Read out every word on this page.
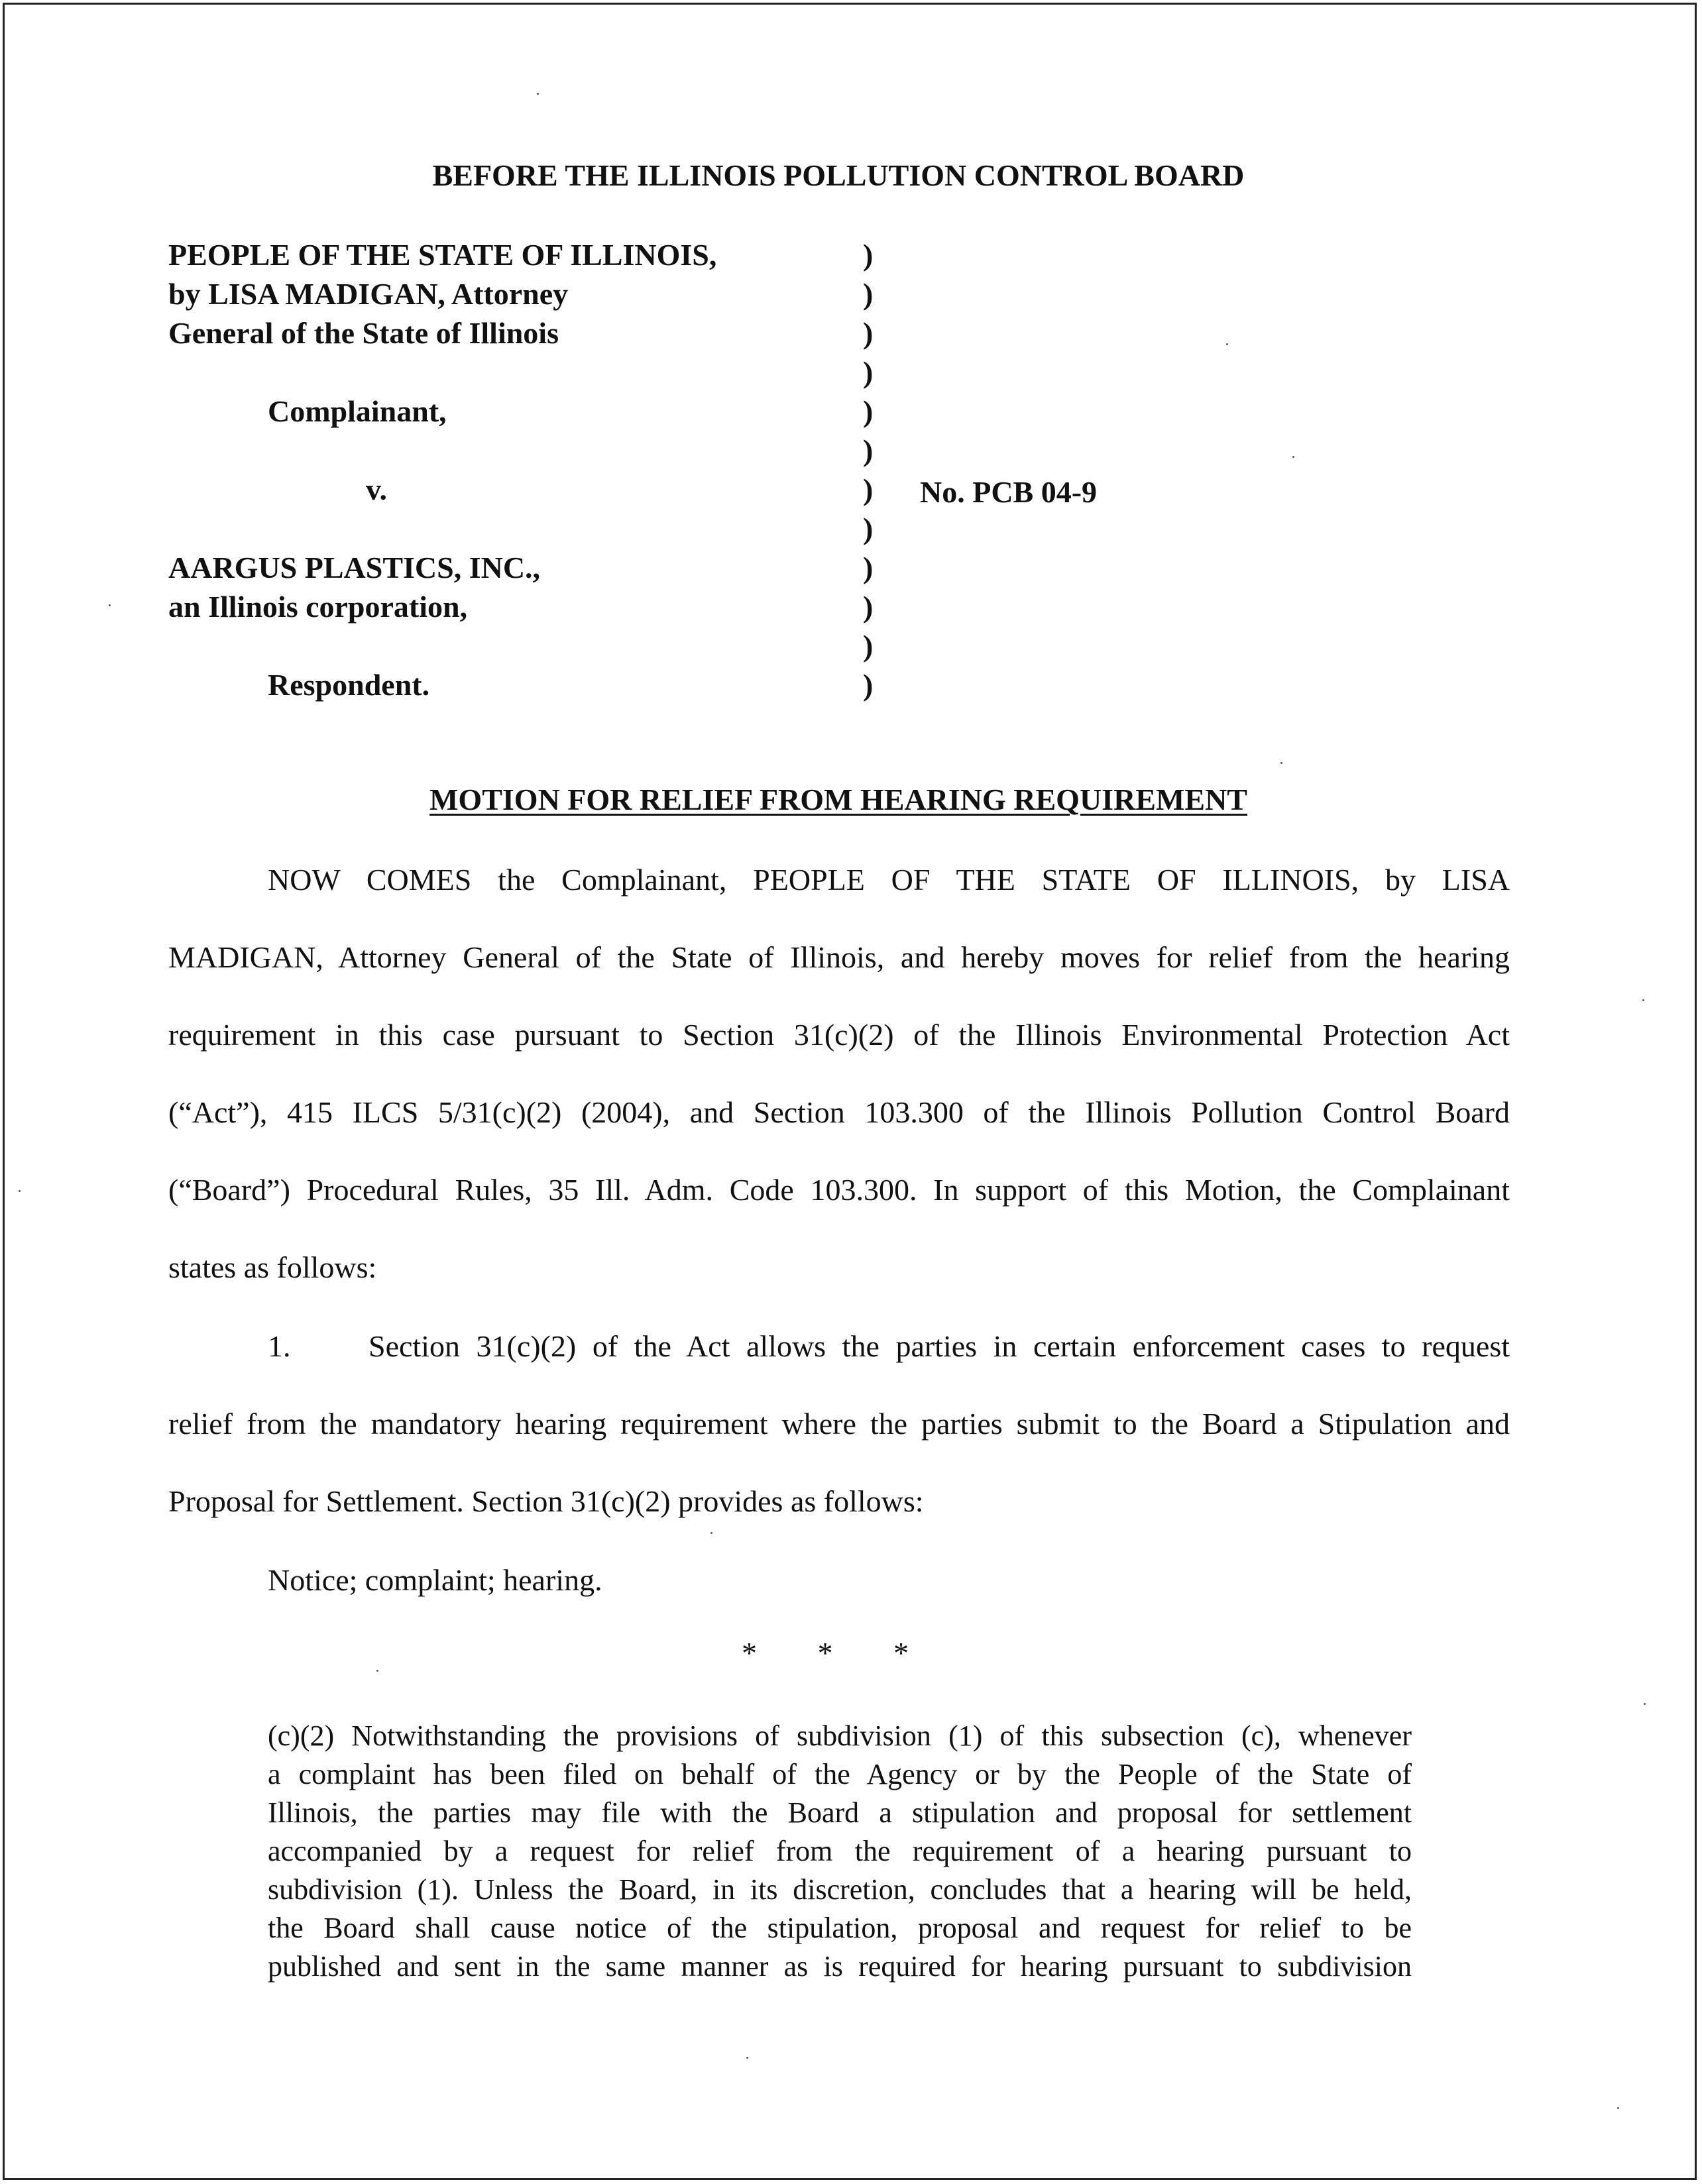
BEFORE THE ILLINOIS POLLUTION CONTROL BOARD
PEOPLE OF THE STATE OF ILLINOIS,
by LISA MADIGAN, Attorney
General of the State of Illinois
Complainant,
v.
AARGUS PLASTICS, INC.,
an Illinois corporation,
Respondent.
)
)
)
)
)
)
)
)
)
)
)
)
No. PCB 04-9
MOTION FOR RELIEF FROM HEARING REQUIREMENT
NOW COMES the Complainant, PEOPLE OF THE STATE OF ILLINOIS, by LISA
MADIGAN, Attorney General of the State of Illinois, and hereby moves for relief from the hearing
requirement in this case pursuant to Section 31(c)(2) of the Illinois Environmental Protection Act
(“Act”), 415 ILCS 5/31(c)(2) (2004), and Section 103.300 of the Illinois Pollution Control Board
(“Board”) Procedural Rules, 35 Ill. Adm. Code 103.300. In support of this Motion, the Complainant
states as follows:
1.	Section 31(c)(2) of the Act allows the parties in certain enforcement cases to request
relief from the mandatory hearing requirement where the parties submit to the Board a Stipulation and
Proposal for Settlement. Section 31(c)(2) provides as follows:
Notice; complaint; hearing.
* * *
(c)(2) Notwithstanding the provisions of subdivision (1) of this subsection (c), whenever
a complaint has been filed on behalf of the Agency or by the People of the State of
Illinois, the parties may file with the Board a stipulation and proposal for settlement
accompanied by a request for relief from the requirement of a hearing pursuant to
subdivision (1). Unless the Board, in its discretion, concludes that a hearing will be held,
the Board shall cause notice of the stipulation, proposal and request for relief to be
published and sent in the same manner as is required for hearing pursuant to subdivision
